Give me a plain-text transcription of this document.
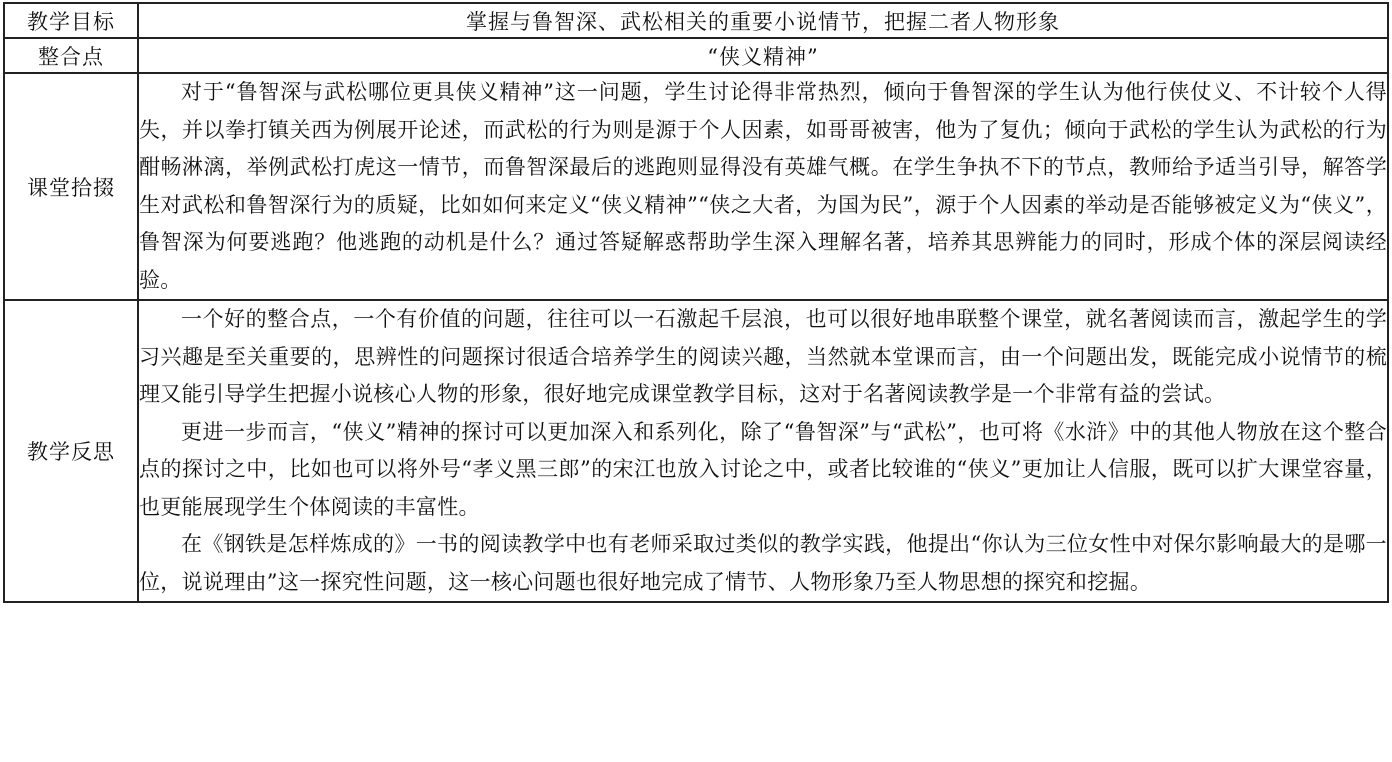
教学目标	掌握与鲁智深、武松相关的重要小说情节，把握二者人物形象
整合点	“侠义精神”
课堂拾掇	对于“鲁智深与武松哪位更具侠义精神”这一问题，学生讨论得非常热烈，倾向于鲁智深的学生认为他行侠仗义、不计较个人得失，并以拳打镇关西为例展开论述，而武松的行为则是源于个人因素，如哥哥被害，他为了复仇；倾向于武松的学生认为武松的行为酣畅淋漓，举例武松打虎这一情节，而鲁智深最后的逃跑则显得没有英雄气概。在学生争执不下的节点，教师给予适当引导，解答学生对武松和鲁智深行为的质疑，比如如何来定义“侠义精神”“侠之大者，为国为民”，源于个人因素的举动是否能够被定义为“侠义”，鲁智深为何要逃跑？他逃跑的动机是什么？通过答疑解惑帮助学生深入理解名著，培养其思辨能力的同时，形成个体的深层阅读经验。

教学反思	一个好的整合点，一个有价值的问题，往往可以一石激起千层浪，也可以很好地串联整个课堂，就名著阅读而言，激起学生的学习兴趣是至关重要的，思辨性的问题探讨很适合培养学生的阅读兴趣，当然就本堂课而言，由一个问题出发，既能完成小说情节的梳理又能引导学生把握小说核心人物的形象，很好地完成课堂教学目标，这对于名著阅读教学是一个非常有益的尝试。

更进一步而言，“侠义”精神的探讨可以更加深入和系列化，除了“鲁智深”与“武松”，也可将《水浒》中的其他人物放在这个整合点的探讨之中，比如也可以将外号“孝义黑三郎”的宋江也放入讨论之中，或者比较谁的“侠义”更加让人信服，既可以扩大课堂容量，也更能展现学生个体阅读的丰富性。

在《钢铁是怎样炼成的》一书的阅读教学中也有老师采取过类似的教学实践，他提出“你认为三位女性中对保尔影响最大的是哪一位，说说理由”这一探究性问题，这一核心问题也很好地完成了情节、人物形象乃至人物思想的探究和挖掘。
